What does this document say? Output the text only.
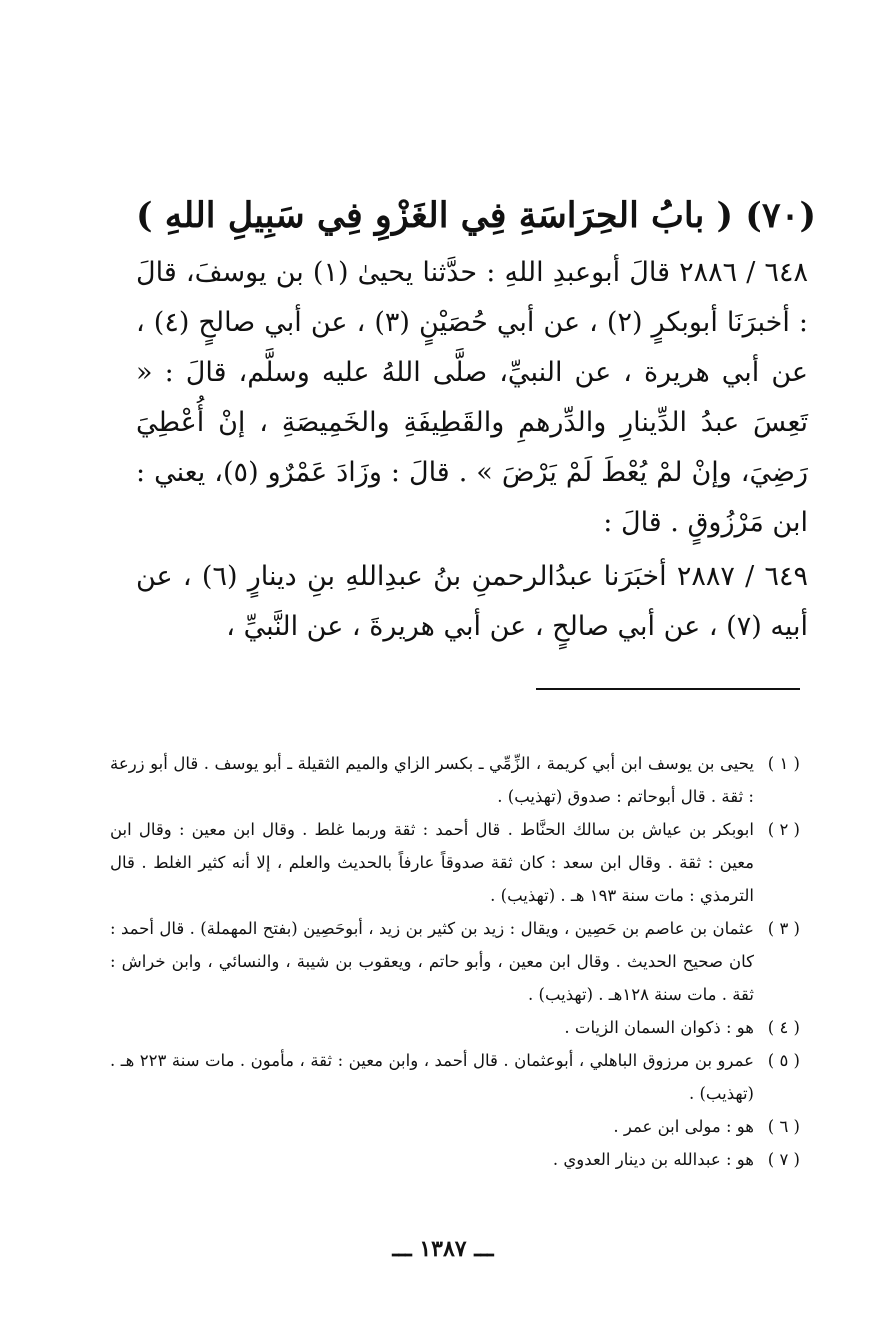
(٧٠) ( بابُ الحِرَاسَةِ فِي الغَزْوِ فِي سَبِيلِ اللهِ )

٦٤٨ / ٢٨٨٦ قالَ أبوعبدِ اللهِ : حدَّثنا يحيىٰ (١) بن يوسفَ، قالَ : أخبرَنَا أبوبكرٍ (٢) ، عن أبي حُصَيْنٍ (٣) ، عن أبي صالحٍ (٤) ، عن أبي هريرة ، عن النبيِّ، صلَّى اللهُ عليه وسلَّم، قالَ : « تَعِسَ عبدُ الدِّينارِ والدِّرهمِ والقَطِيفَةِ والخَمِيصَةِ ، إنْ أُعْطِيَ رَضِيَ، وإنْ لمْ يُعْطَ لَمْ يَرْضَ » . قالَ : وزَادَ عَمْرٌو (٥)، يعني : ابن مَرْزُوقٍ . قالَ :

٦٤٩ / ٢٨٨٧ أخبَرَنا عبدُالرحمنِ بنُ عبدِاللهِ بنِ دينارٍ (٦) ، عن أبيه (٧) ، عن أبي صالحٍ ، عن أبي هريرةَ ، عن النَّبيِّ ،

( ١ )
يحيى بن يوسف ابن أبي كريمة ، الزِّمِّي ـ بكسر الزاي والميم الثقيلة ـ أبو يوسف . قال أبو زرعة : ثقة . قال أبوحاتم : صدوق (تهذيب) .
( ٢ )
ابوبكر بن عياش بن سالك الحنَّاط . قال أحمد : ثقة وربما غلط . وقال ابن معين : وقال ابن معين : ثقة . وقال ابن سعد : كان ثقة صدوقاً عارفاً بالحديث والعلم ، إلا أنه كثير الغلط . قال الترمذي : مات سنة ١٩٣ هـ . (تهذيب) .
( ٣ )
عثمان بن عاصم بن حَصِين ، ويقال : زيد بن كثير بن زيد ، أبوحَصِين (بفتح المهملة) . قال أحمد : كان صحيح الحديث . وقال ابن معين ، وأبو حاتم ، ويعقوب بن شيبة ، والنسائي ، وابن خراش : ثقة . مات سنة ١٢٨هـ . (تهذيب) .
( ٤ )
هو : ذكوان السمان الزيات .
( ٥ )
عمرو بن مرزوق الباهلي ، أبوعثمان . قال أحمد ، وابن معين : ثقة ، مأمون . مات سنة ٢٢٣ هـ . (تهذيب) .
( ٦ )
هو : مولى ابن عمر .
( ٧ )
هو : عبدالله بن دينار العدوي .
ـــ ١٣٨٧ ـــ
